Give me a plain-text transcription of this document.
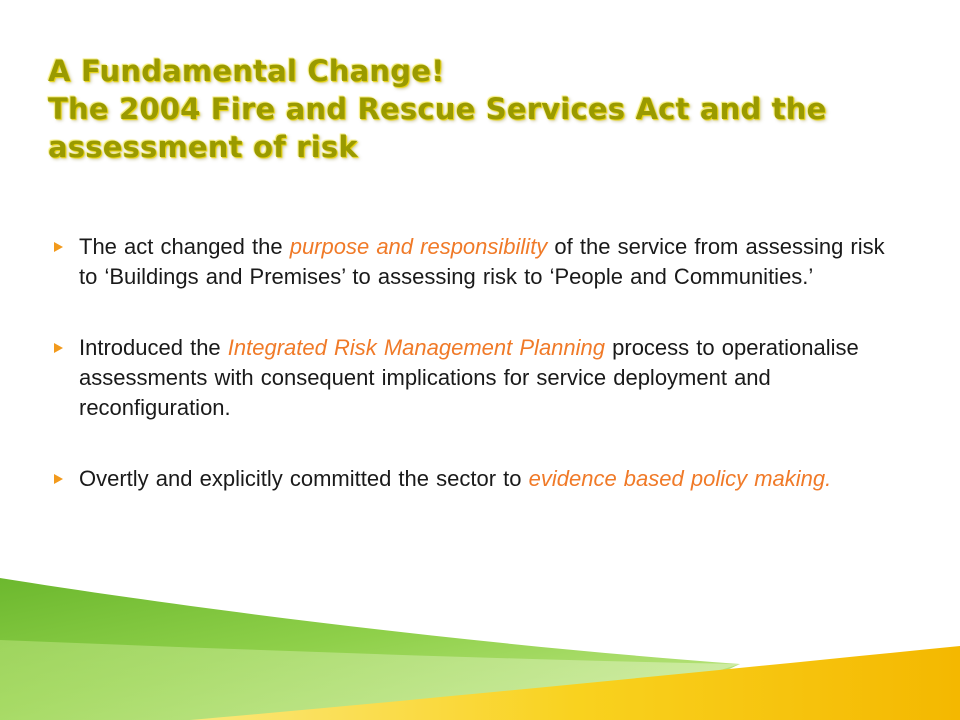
A Fundamental Change!
The 2004 Fire and Rescue Services Act and the
assessment of risk
The act changed the purpose and responsibility of the service from assessing risk to ‘Buildings and Premises’ to assessing risk to ‘People and Communities.’
Introduced the Integrated Risk Management Planning process to operationalise assessments with consequent implications for service deployment and reconfiguration.
Overtly and explicitly committed the sector to evidence based policy making.
